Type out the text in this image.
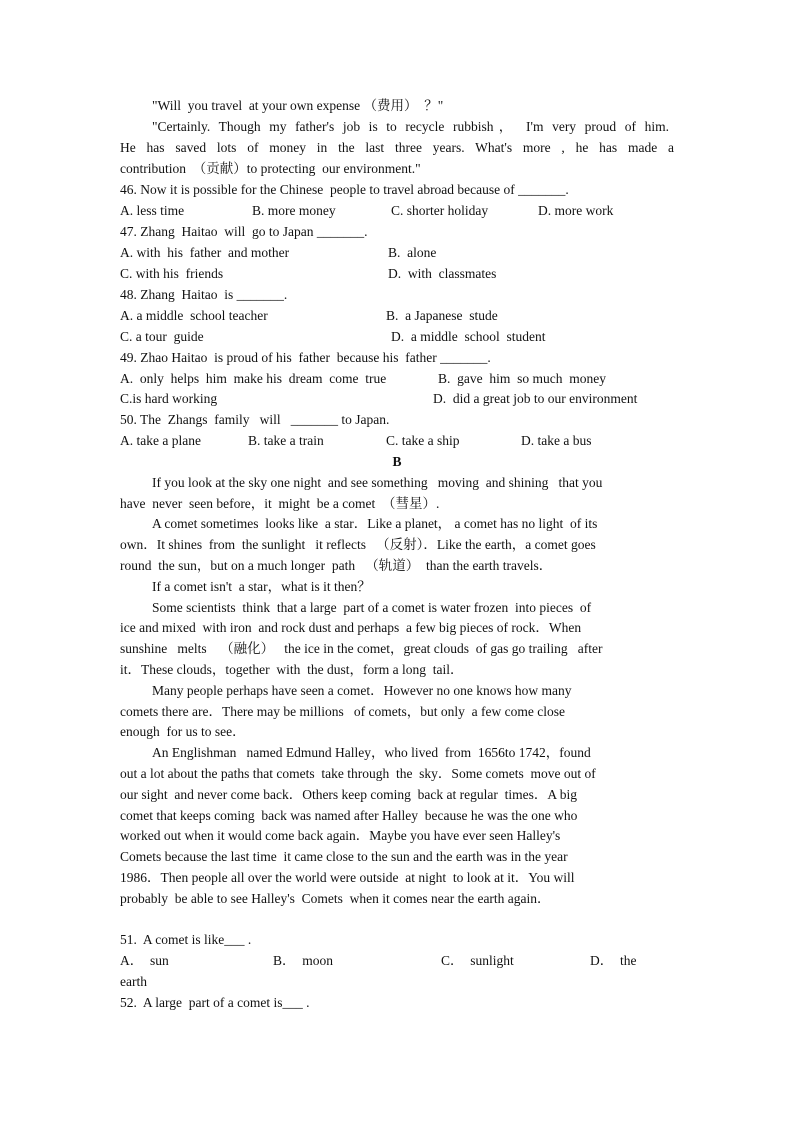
"Will  you travel  at your own expense （费用）  ？"
"Certainly. Though my father's job is to recycle rubbish， I'm very proud of him.
He has saved lots of money in the last three years. What's more , he has made a
contribution  （贡献）to protecting  our environment."
46. Now it is possible for the Chinese  people to travel abroad because of _______.
A. less time	B. more money	C. shorter holiday	D. more work
47. Zhang  Haitao  will  go to Japan _______.
A. with  his  father  and mother	B.  alone
C. with his  friends	D.  with  classmates
48. Zhang  Haitao  is _______.
A. a middle  school teacher	B.  a Japanese  stude
C. a tour  guide	D.  a middle  school  student
49. Zhao Haitao  is proud of his  father  because his  father _______.
A.  only  helps  him  make his  dream  come  true	B.  gave  him  so much  money
C.is hard working	D.  did a great job to our environment
50. The  Zhangs  family   will   _______ to Japan.
A. take a plane	B. take a train	C. take a ship	D. take a bus
B
If you look at the sky one night  and see something   moving  and shining   that you
have  never  seen before，it  might  be a comet  （彗星）.
A comet sometimes  looks like  a star．Like a planet， a comet has no light  of its
own．It shines  from  the sunlight   it reflects   （反射）．Like the earth，a comet goes
round  the sun，but on a much longer  path   （轨道）  than the earth travels．
If a comet isn't  a star，what is it then？
Some scientists  think  that a large  part of a comet is water frozen  into pieces  of
ice and mixed  with iron  and rock dust and perhaps  a few big pieces of rock．When
sunshine   melts    （融化）   the ice in the comet，great clouds  of gas go trailing   after
it．These clouds，together  with  the dust，form a long  tail．
Many people perhaps have seen a comet．However no one knows how many
comets there are．There may be millions   of comets，but only  a few come close
enough  for us to see．
An Englishman   named Edmund Halley，who lived  from  1656to 1742，found
out a lot about the paths that comets  take through  the  sky．Some comets  move out of
our sight  and never come back．Others keep coming  back at regular  times．A big
comet that keeps coming  back was named after Halley  because he was the one who
worked out when it would come back again．Maybe you have ever seen Halley's
Comets because the last time  it came close to the sun and the earth was in the year
1986．Then people all over the world were outside  at night  to look at it．You will
probably  be able to see Halley's  Comets  when it comes near the earth again．
51.  A comet is like___ .
A．  sun	B．  moon	C．  sunlight	D．  the
earth
52.  A large  part of a comet is___ .
